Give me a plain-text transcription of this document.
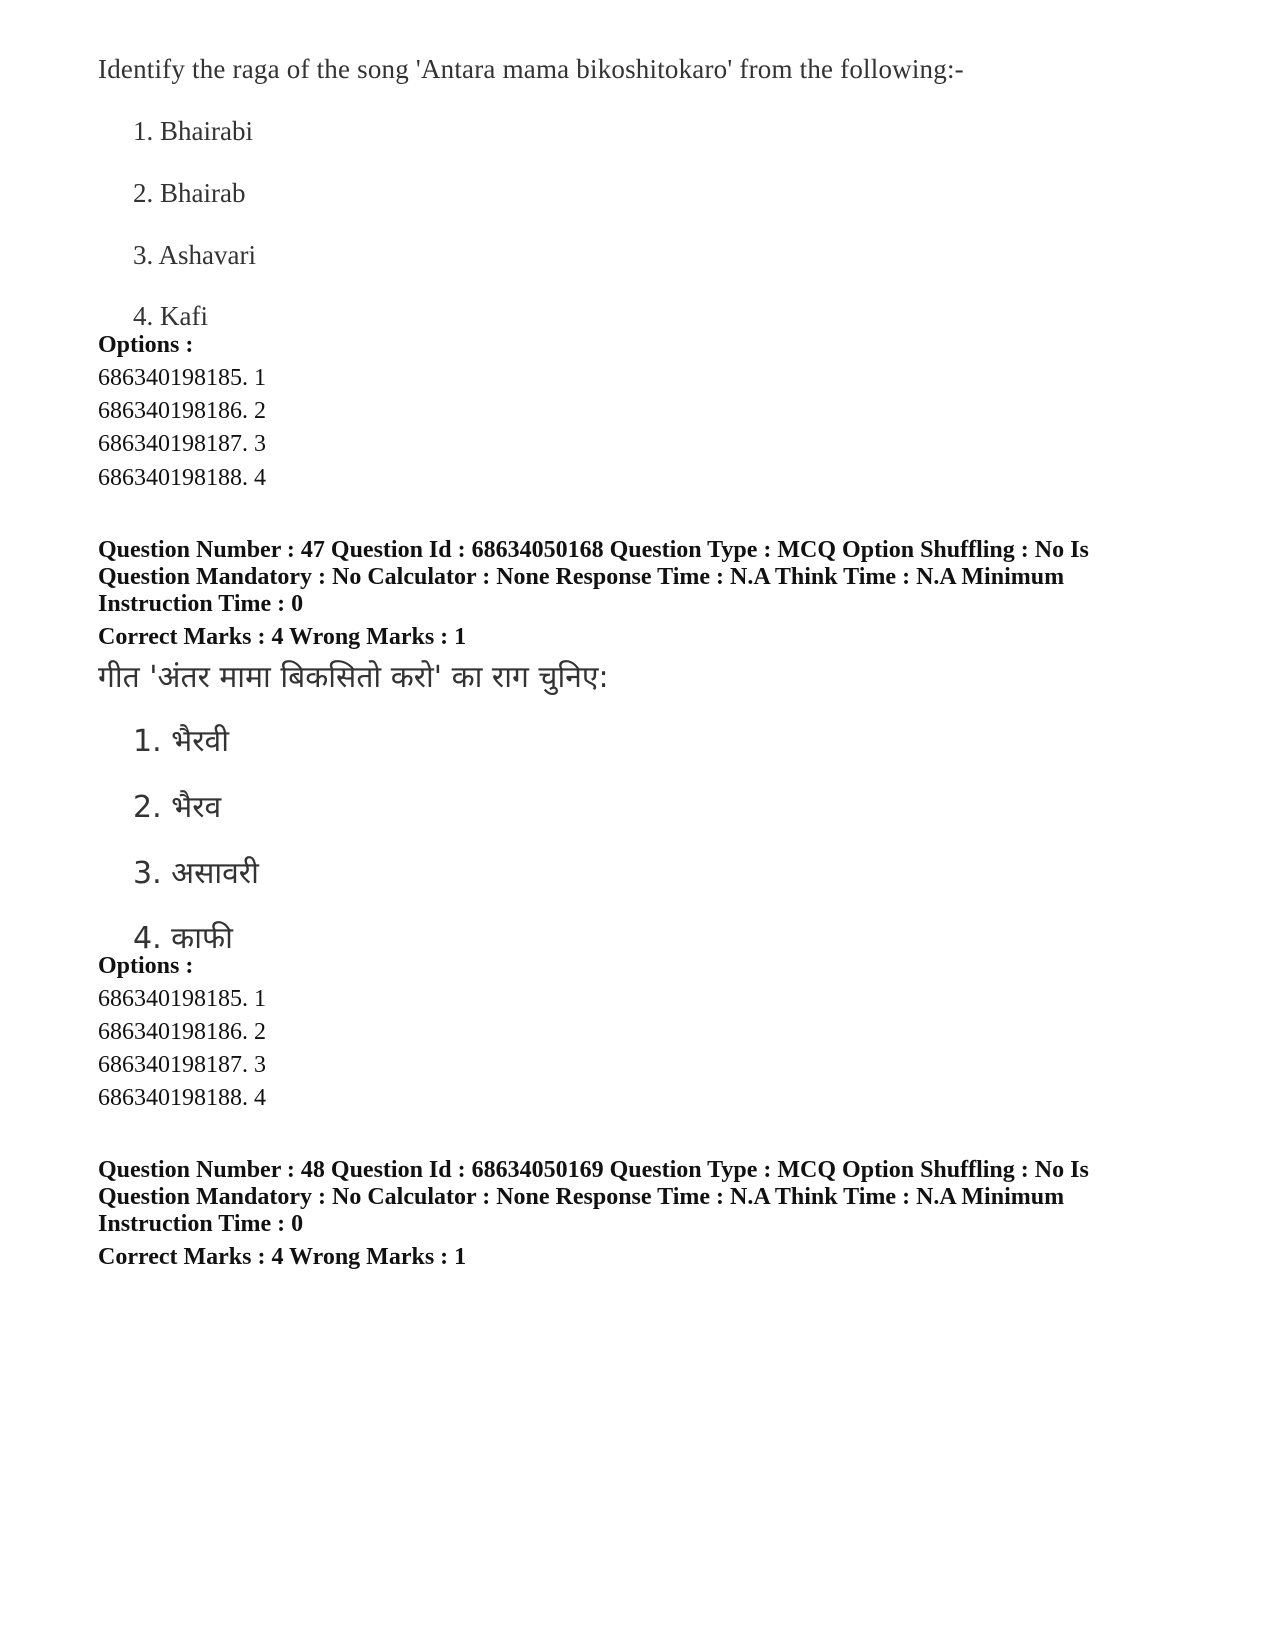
Identify the raga of the song 'Antara mama bikoshitokaro' from the following:-
1. Bhairabi
2. Bhairab
3. Ashavari
4. Kafi
Options :
686340198185. 1
686340198186. 2
686340198187. 3
686340198188. 4
Question Number : 47 Question Id : 68634050168 Question Type : MCQ Option Shuffling : No Is
Question Mandatory : No Calculator : None Response Time : N.A Think Time : N.A Minimum
Instruction Time : 0
Correct Marks : 4 Wrong Marks : 1
गीत 'अंतर मामा बिकसितो करो' का राग चुनिए:
1. भैरवी
2. भैरव
3. असावरी
4. काफी
Options :
686340198185. 1
686340198186. 2
686340198187. 3
686340198188. 4
Question Number : 48 Question Id : 68634050169 Question Type : MCQ Option Shuffling : No Is
Question Mandatory : No Calculator : None Response Time : N.A Think Time : N.A Minimum
Instruction Time : 0
Correct Marks : 4 Wrong Marks : 1
